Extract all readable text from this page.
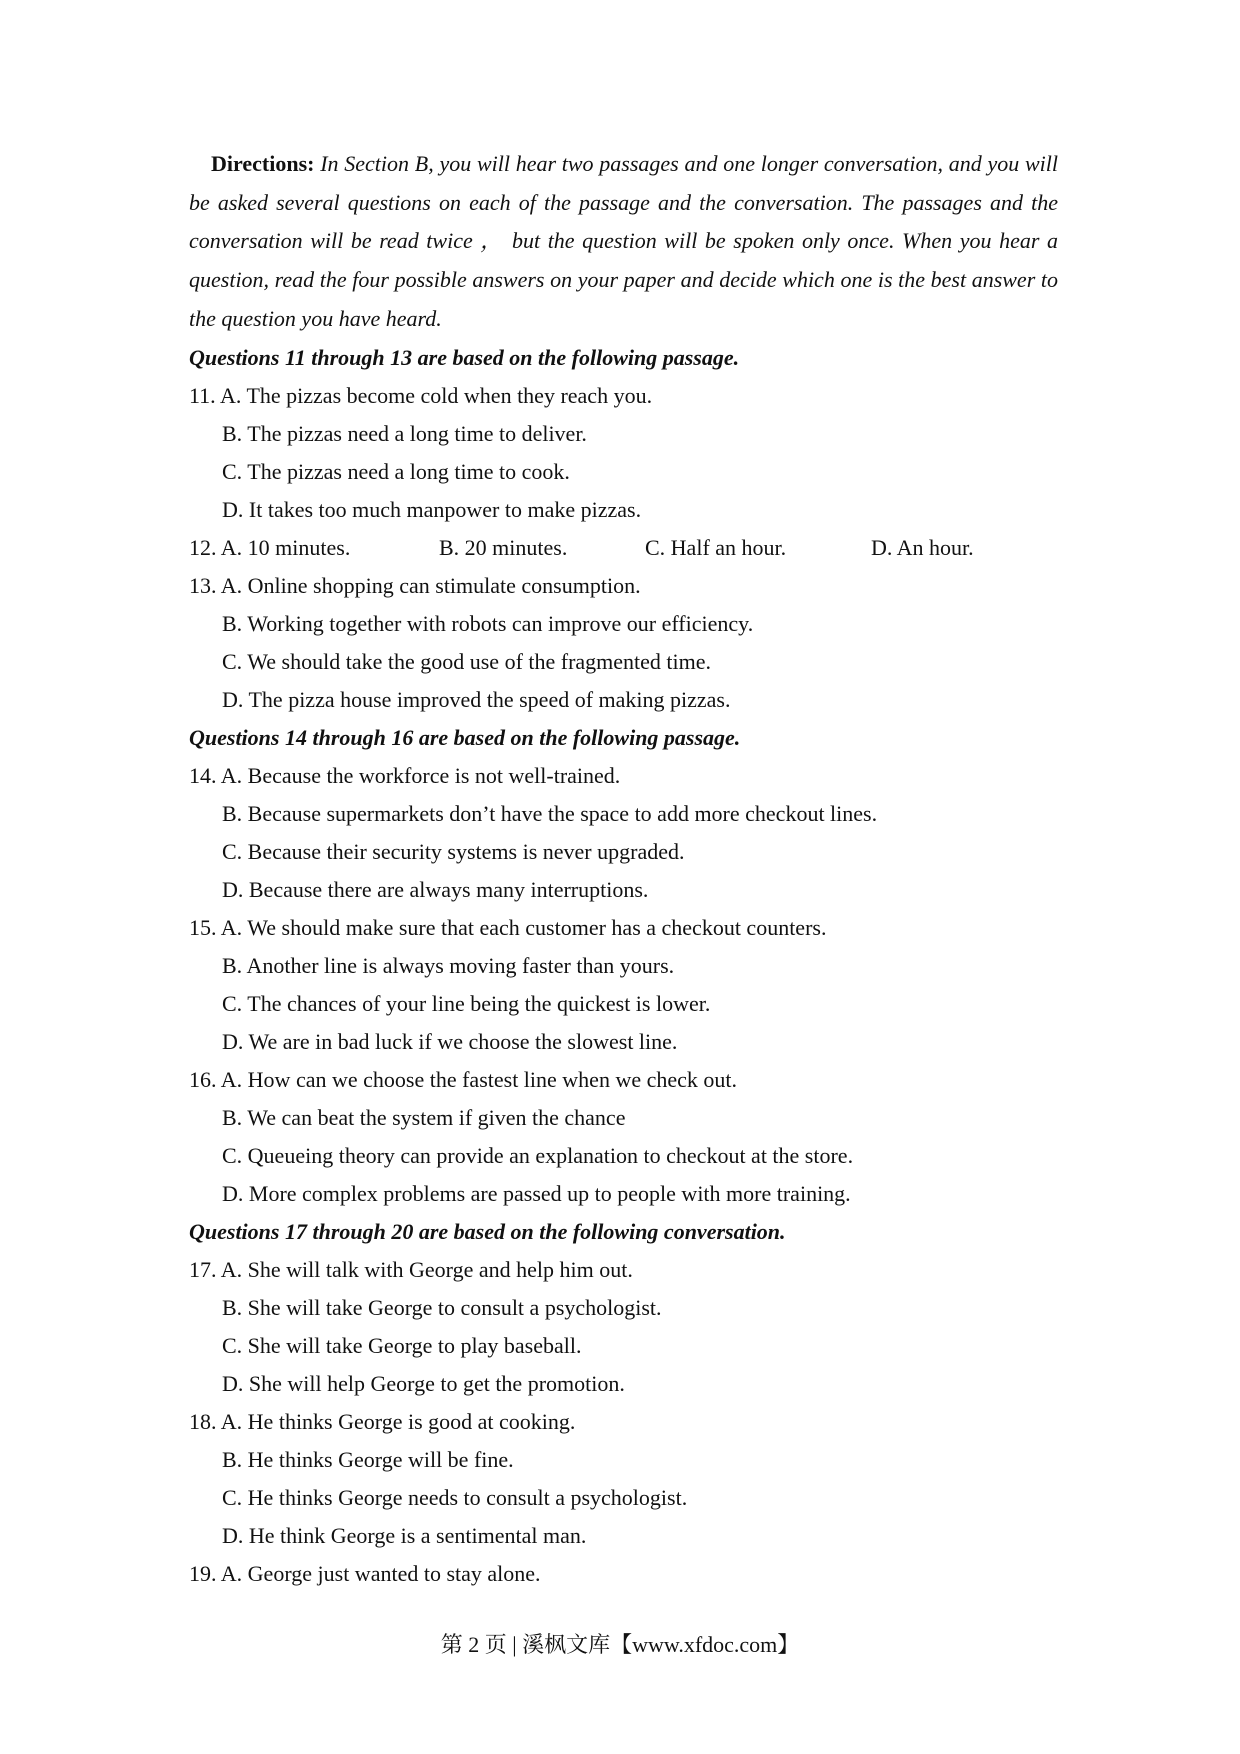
Directions: In Section B, you will hear two passages and one longer conversation, and you will be asked several questions on each of the passage and the conversation. The passages and the conversation will be read twice ， but the question will be spoken only once. When you hear a question, read the four possible answers on your paper and decide which one is the best answer to the question you have heard.
Questions 11 through 13 are based on the following passage.
11. A. The pizzas become cold when they reach you.
B. The pizzas need a long time to deliver.
C. The pizzas need a long time to cook.
D. It takes too much manpower to make pizzas.
12. A. 10 minutes.	B. 20 minutes.	C. Half an hour.	D. An hour.
13. A. Online shopping can stimulate consumption.
B. Working together with robots can improve our efficiency.
C. We should take the good use of the fragmented time.
D. The pizza house improved the speed of making pizzas.
Questions 14 through 16 are based on the following passage.
14. A. Because the workforce is not well-trained.
B. Because supermarkets don’t have the space to add more checkout lines.
C. Because their security systems is never upgraded.
D. Because there are always many interruptions.
15. A. We should make sure that each customer has a checkout counters.
B. Another line is always moving faster than yours.
C. The chances of your line being the quickest is lower.
D. We are in bad luck if we choose the slowest line.
16. A. How can we choose the fastest line when we check out.
B. We can beat the system if given the chance
C. Queueing theory can provide an explanation to checkout at the store.
D. More complex problems are passed up to people with more training.
Questions 17 through 20 are based on the following conversation.
17. A. She will talk with George and help him out.
B. She will take George to consult a psychologist.
C. She will take George to play baseball.
D. She will help George to get the promotion.
18. A. He thinks George is good at cooking.
B. He thinks George will be fine.
C. He thinks George needs to consult a psychologist.
D. He think George is a sentimental man.
19. A. George just wanted to stay alone.
第 2 页 | 溪枫文库【www.xfdoc.com】
